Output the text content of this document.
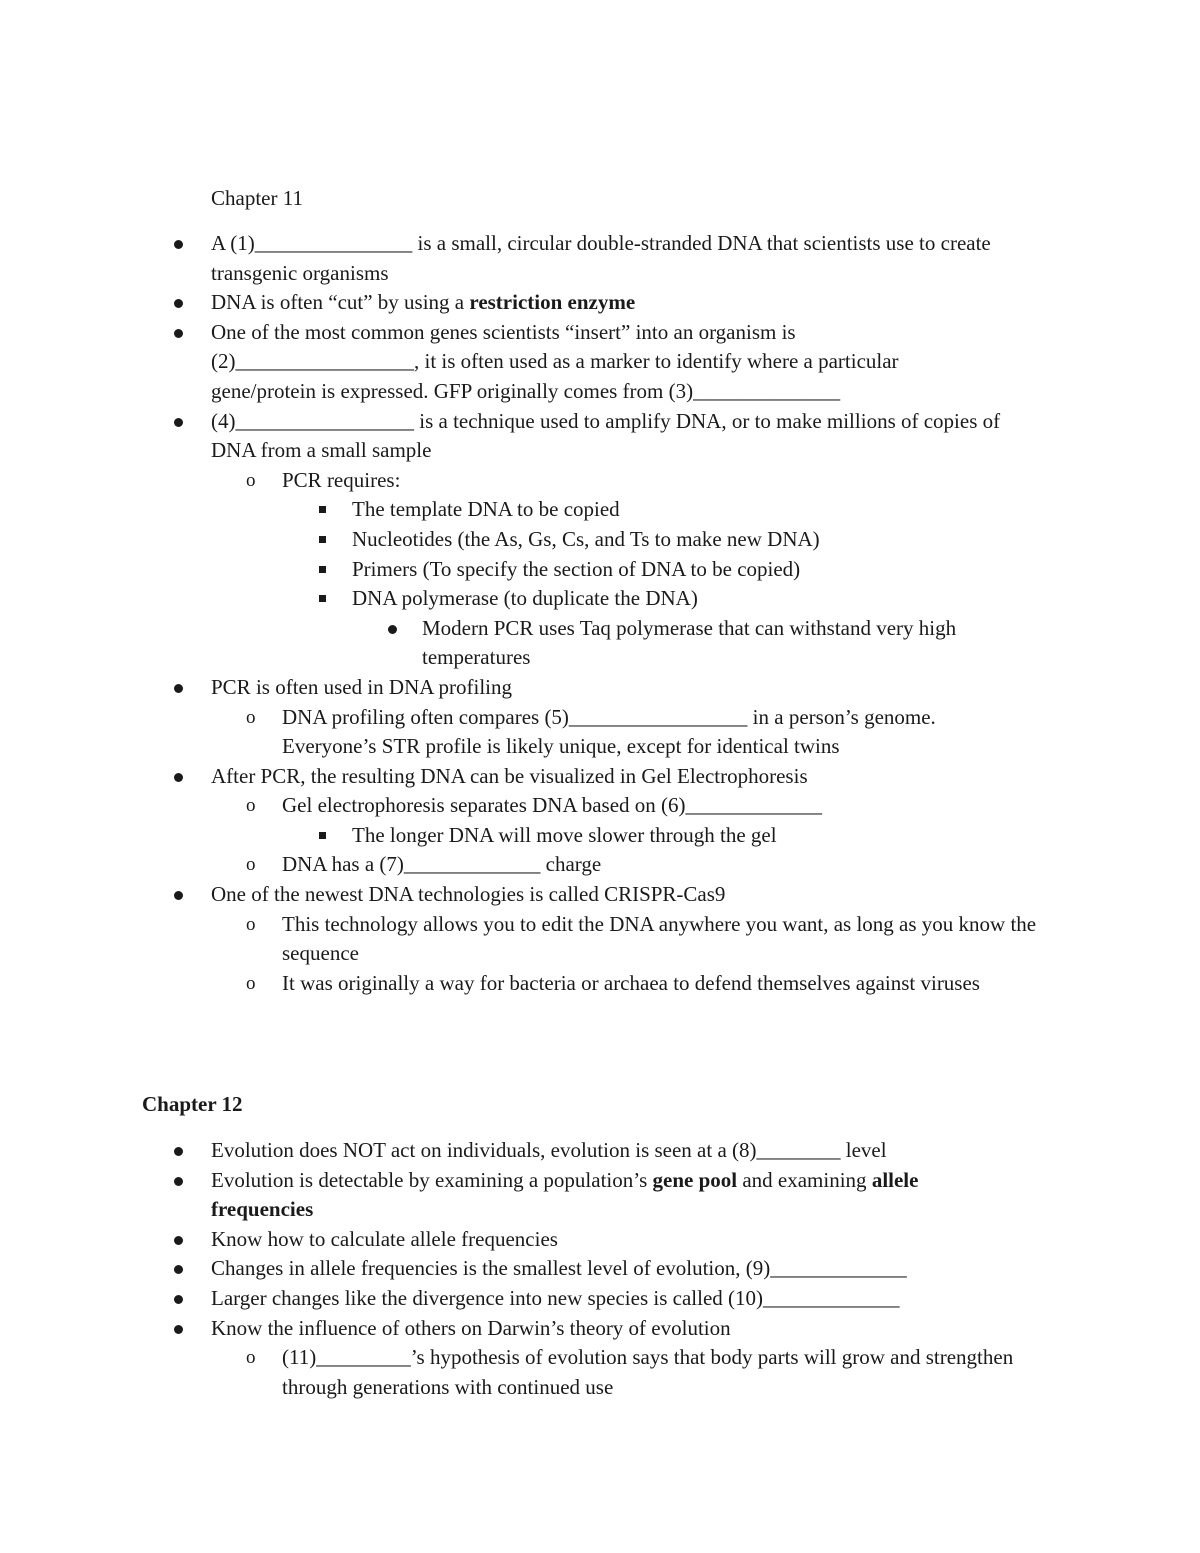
Chapter 11
A (1)_______________ is a small, circular double-stranded DNA that scientists use to create transgenic organisms
DNA is often “cut” by using a restriction enzyme
One of the most common genes scientists “insert” into an organism is (2)_________________, it is often used as a marker to identify where a particular gene/protein is expressed. GFP originally comes from (3)______________
(4)_________________ is a technique used to amplify DNA, or to make millions of copies of DNA from a small sample
o PCR requires:
The template DNA to be copied
Nucleotides (the As, Gs, Cs, and Ts to make new DNA)
Primers (To specify the section of DNA to be copied)
DNA polymerase (to duplicate the DNA)
Modern PCR uses Taq polymerase that can withstand very high temperatures
PCR is often used in DNA profiling
o DNA profiling often compares (5)_________________ in a person’s genome. Everyone’s STR profile is likely unique, except for identical twins
After PCR, the resulting DNA can be visualized in Gel Electrophoresis
o Gel electrophoresis separates DNA based on (6)_____________
The longer DNA will move slower through the gel
o DNA has a (7)_____________ charge
One of the newest DNA technologies is called CRISPR-Cas9
o This technology allows you to edit the DNA anywhere you want, as long as you know the sequence
o It was originally a way for bacteria or archaea to defend themselves against viruses
Chapter 12
Evolution does NOT act on individuals, evolution is seen at a (8)________ level
Evolution is detectable by examining a population’s gene pool and examining allele frequencies
Know how to calculate allele frequencies
Changes in allele frequencies is the smallest level of evolution, (9)_____________
Larger changes like the divergence into new species is called (10)_____________
Know the influence of others on Darwin’s theory of evolution
o (11)_________’s hypothesis of evolution says that body parts will grow and strengthen through generations with continued use
